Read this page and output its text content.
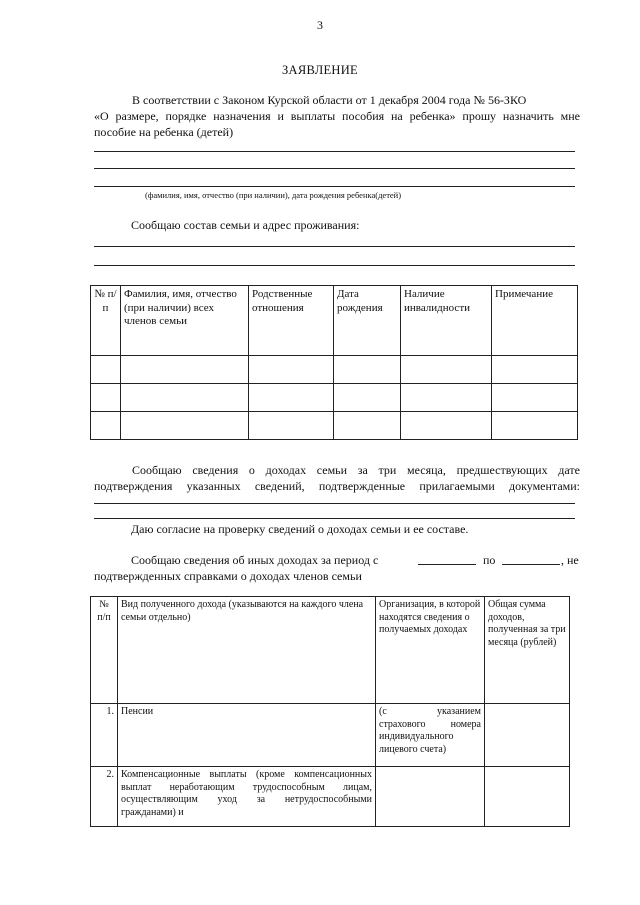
3
ЗАЯВЛЕНИЕ

В соответствии с Законом Курской области от 1 декабря 2004 года № 56-ЗКО

«О размере, порядке назначения и выплаты пособия на ребенка» прошу назначить мне

пособие на ребенка (детей)

(фамилия, имя, отчество (при наличии), дата рождения ребенка(детей)
Сообщаю состав семьи и адрес проживания:
№ п/п	Фамилия, имя, отчество (при наличии) всех членов семьи	Родственные отношения	Дата рождения	Наличие инвалидности	Примечание

Сообщаю сведения о доходах семьи за три месяца, предшествующих дате

подтверждения указанных сведений, подтвержденные прилагаемыми документами:

Даю согласие на проверку сведений о доходах семьи и ее составе.
Сообщаю сведения об иных доходах за период с	по	, не

подтвержденных справками о доходах членов семьи

№ п/п	Вид полученного дохода (указываются на каждого члена семьи отдельно)	Организация, в которой находятся сведения о получаемых доходах	Общая сумма доходов, полученная за три месяца (рублей)
1.	Пенсии	(с указанием страхового номера индивидуального лицевого счета)	
2.	Компенсационные выплаты (кроме компенсационных выплат неработающим трудоспособным лицам, осуществляющим уход за нетрудоспособными гражданами) и		
